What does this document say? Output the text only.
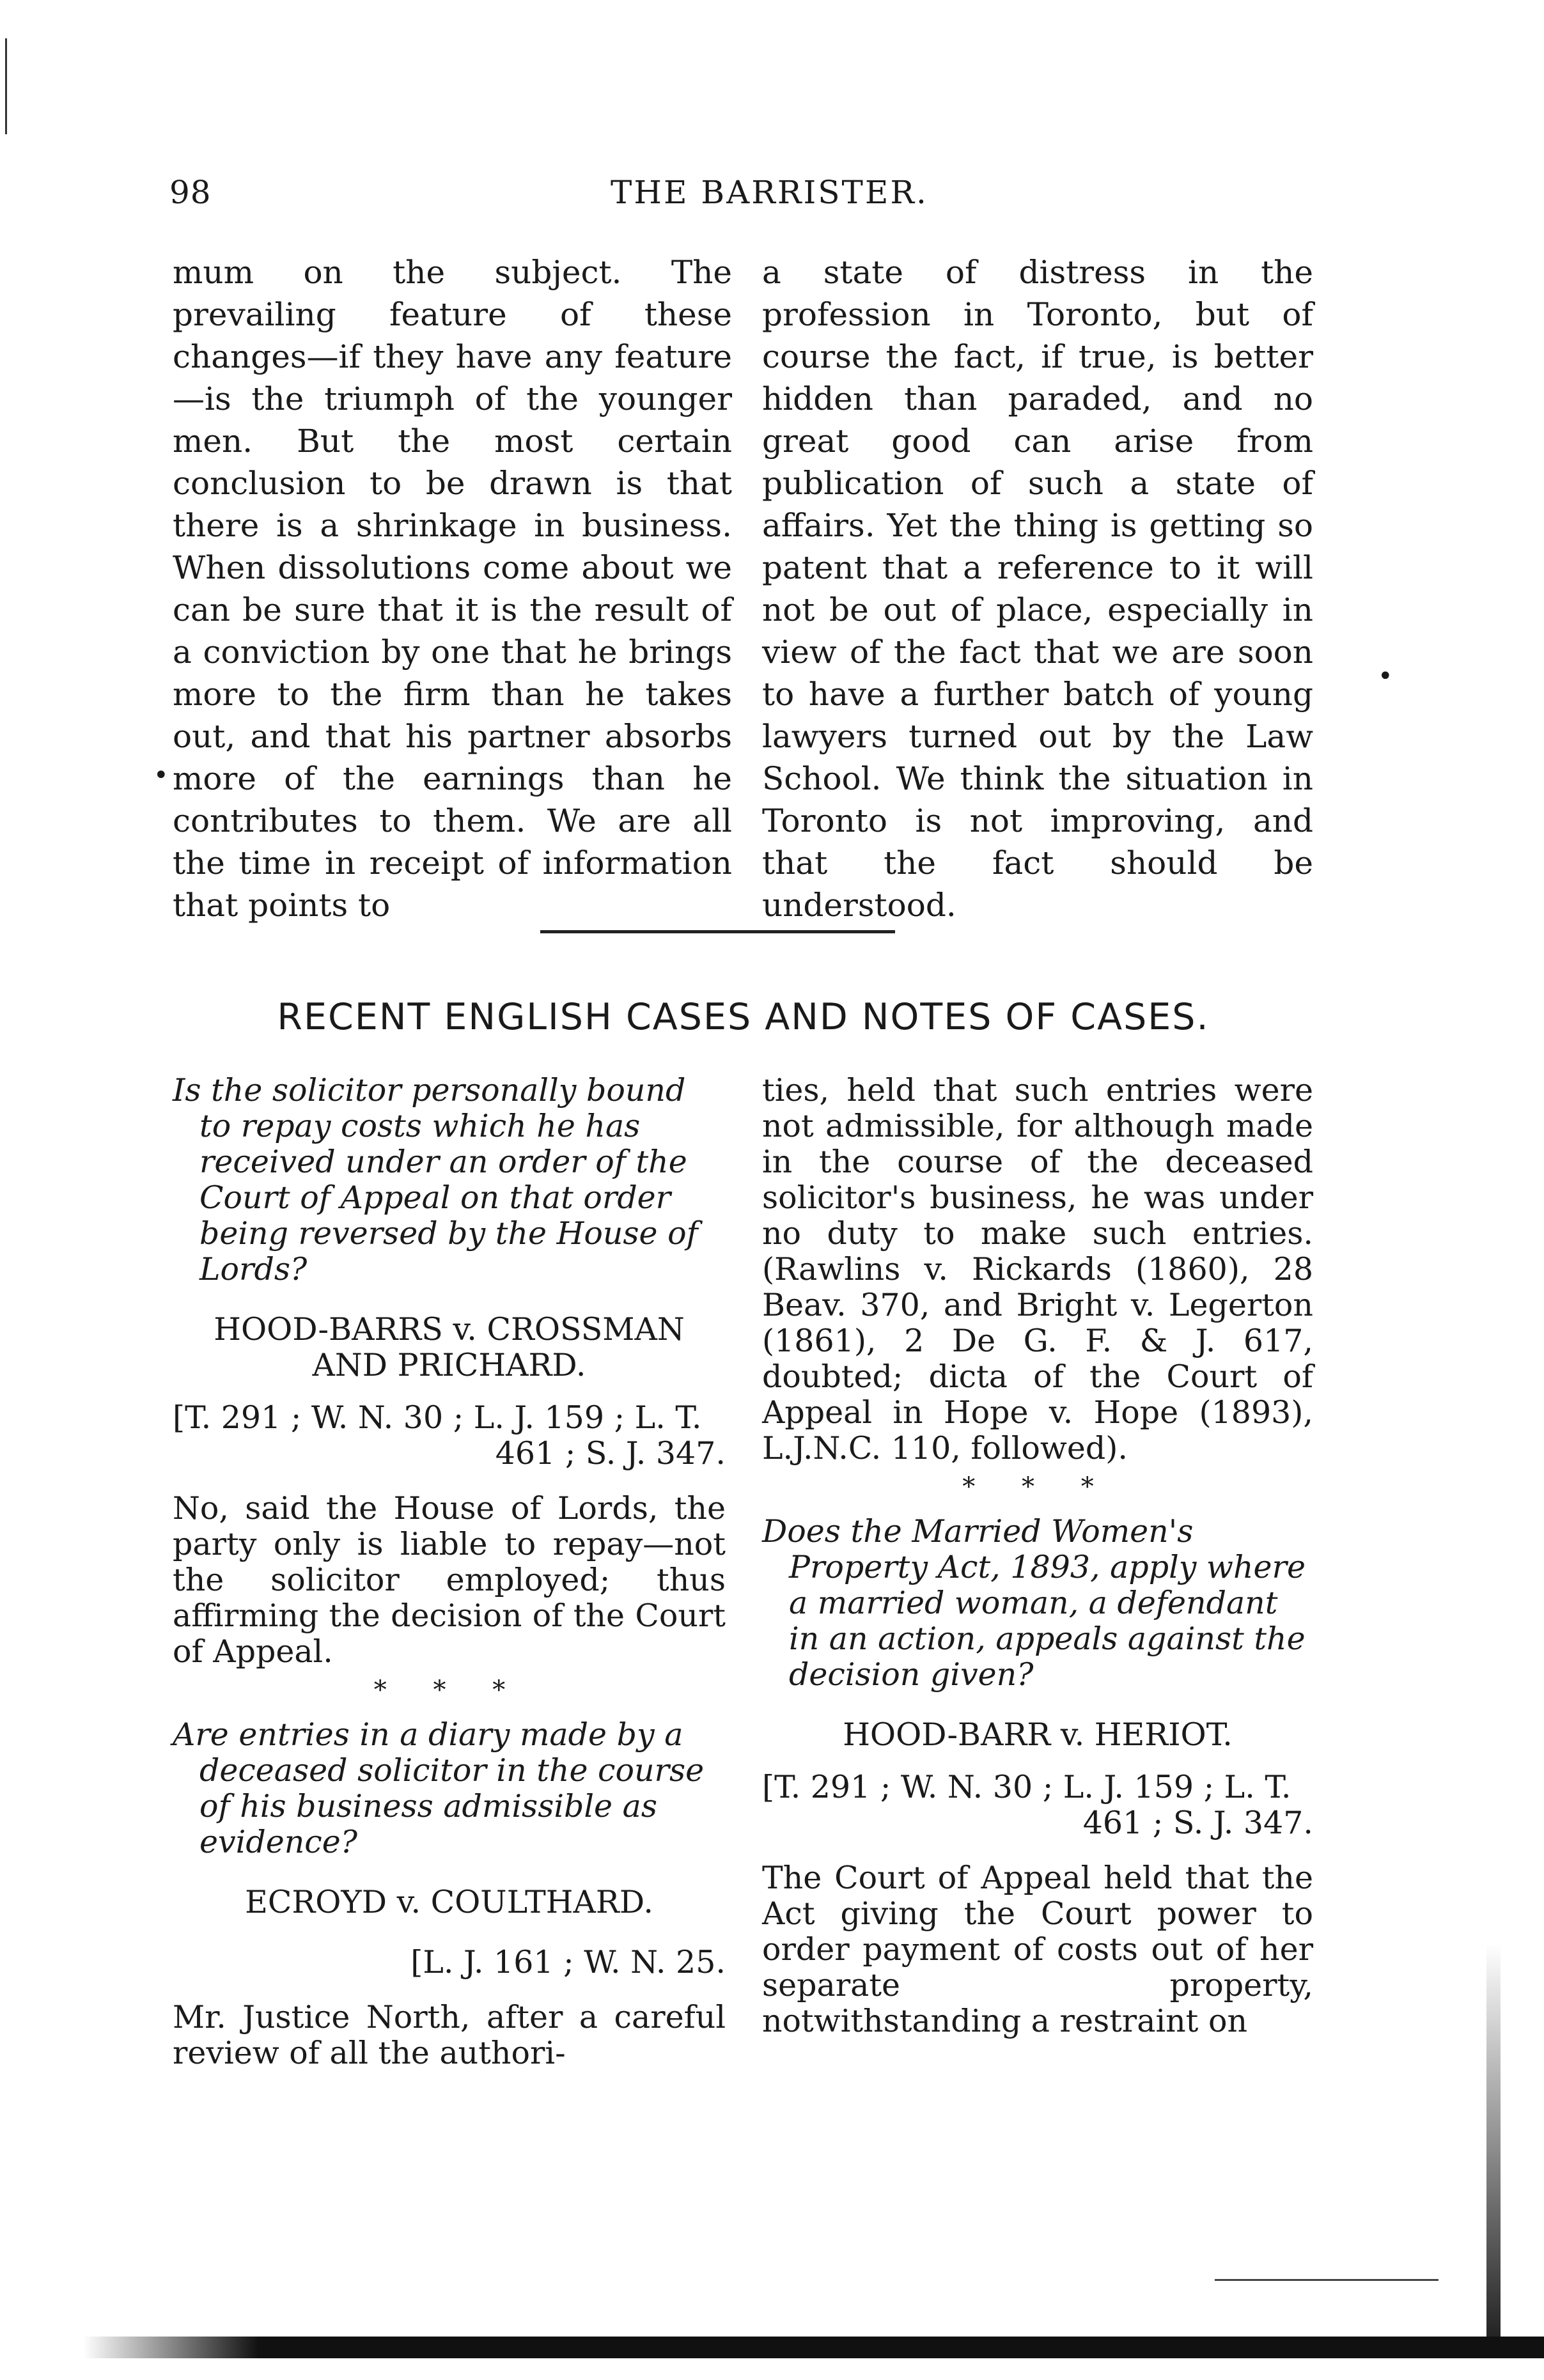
98	THE BARRISTER.

mum on the subject. The prevailing feature of these changes—if they have any feature—is the triumph of the younger men. But the most certain conclusion to be drawn is that there is a shrinkage in business. When dissolutions come about we can be sure that it is the result of a conviction by one that he brings more to the firm than he takes out, and that his partner absorbs more of the earnings than he contributes to them. We are all the time in receipt of information that points to

a state of distress in the profession in Toronto, but of course the fact, if true, is better hidden than paraded, and no great good can arise from publication of such a state of affairs. Yet the thing is getting so patent that a reference to it will not be out of place, especially in view of the fact that we are soon to have a further batch of young lawyers turned out by the Law School. We think the situation in Toronto is not improving, and that the fact should be understood.

•
•
RECENT ENGLISH CASES AND NOTES OF CASES.

Is the solicitor personally bound to repay costs which he has received under an order of the Court of Appeal on that order being reversed by the House of Lords?

HOOD-BARRS v. CROSSMAN AND PRICHARD.

[T. 291 ; W. N. 30 ; L. J. 159 ; L. T.

461 ; S. J. 347.

No, said the House of Lords, the party only is liable to repay—not the solicitor employed; thus affirming the decision of the Court of Appeal.

* * *

Are entries in a diary made by a deceased solicitor in the course of his business admissible as evidence?

ECROYD v. COULTHARD.

[L. J. 161 ; W. N. 25.

Mr. Justice North, after a careful review of all the authori-

ties, held that such entries were not admissible, for although made in the course of the deceased solicitor's business, he was under no duty to make such entries. (Rawlins v. Rickards (1860), 28 Beav. 370, and Bright v. Legerton (1861), 2 De G. F. & J. 617, doubted; dicta of the Court of Appeal in Hope v. Hope (1893), L.J.N.C. 110, followed).

* * *

Does the Married Women's Property Act, 1893, apply where a married woman, a defendant in an action, appeals against the decision given?

HOOD-BARR v. HERIOT.

[T. 291 ; W. N. 30 ; L. J. 159 ; L. T.

461 ; S. J. 347.

The Court of Appeal held that the Act giving the Court power to order payment of costs out of her separate property, notwithstanding a restraint on
